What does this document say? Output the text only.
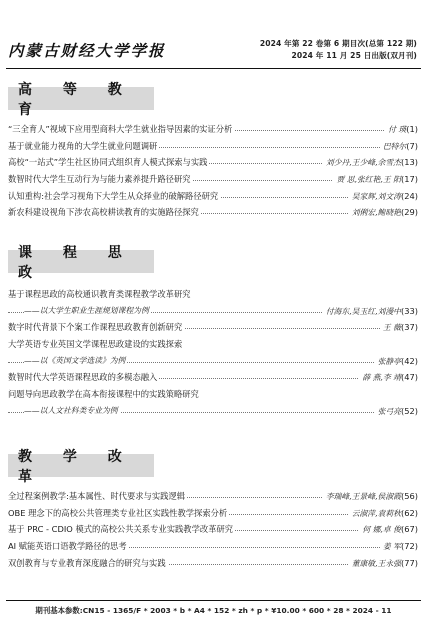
内蒙古财经大学学报	2024 年第 22 卷第 6 期目次(总第 122 期)
2024 年 11 月 25 日出版(双月刊)
高 等 教 育
“三全育人”视域下应用型商科大学生就业指导因素的实证分析	付 瑛(1)
基于就业能力视角的大学生就业问题调研	巴特尔(7)
高校“一站式”学生社区协同式组织育人模式探索与实践	刘少丹,王少峰,余雪杰(13)
数智时代大学生互动行为与能力素养提升路径研究	贾 思,张红艳,王 阳(17)
认知重构:社会学习视角下大学生从众择业的破解路径研究	吴家辉,刘文涛(24)
新农科建设视角下涉农高校耕读教育的实施路径探究	刘俐宏,鲍晓艳(29)
课 程 思 政
基于课程思政的高校通识教育类课程教学改革研究
——以大学生职业生涯规划课程为例	付海东,吴玉红,刘漫中(33)
数字时代背景下个案工作课程思政教育创新研究	王 薇(37)
大学英语专业英国文学课程思政建设的实践探索
——以《英国文学选读》为例	张静亭(42)
数智时代大学英语课程思政的多模态融入	薛 燕,李 靖(47)
问题导向思政教学在高本衔接课程中的实践策略研究
——以人文社科类专业为例	张弓亮(52)
教 学 改 革
全过程案例教学:基本属性、时代要求与实践逻辑	李瑞峰,王景峰,侯淑霞(56)
OBE 理念下的高校公共管理类专业社区实践性教学探索分析	云淑萍,袁莉秋(62)
基于 PRC - CDIO 模式的高校公共关系专业实践教学改革研究	何 娜,卓 俊(67)
AI 赋能英语口语教学路径的思考	姜 军(72)
双创教育与专业教育深度融合的研究与实践	董康敏,王永强(77)
期刊基本参数:CN15 - 1365/F * 2003 * b * A4 * 152 * zh * p * ¥10.00 * 600 * 28 * 2024 - 11
